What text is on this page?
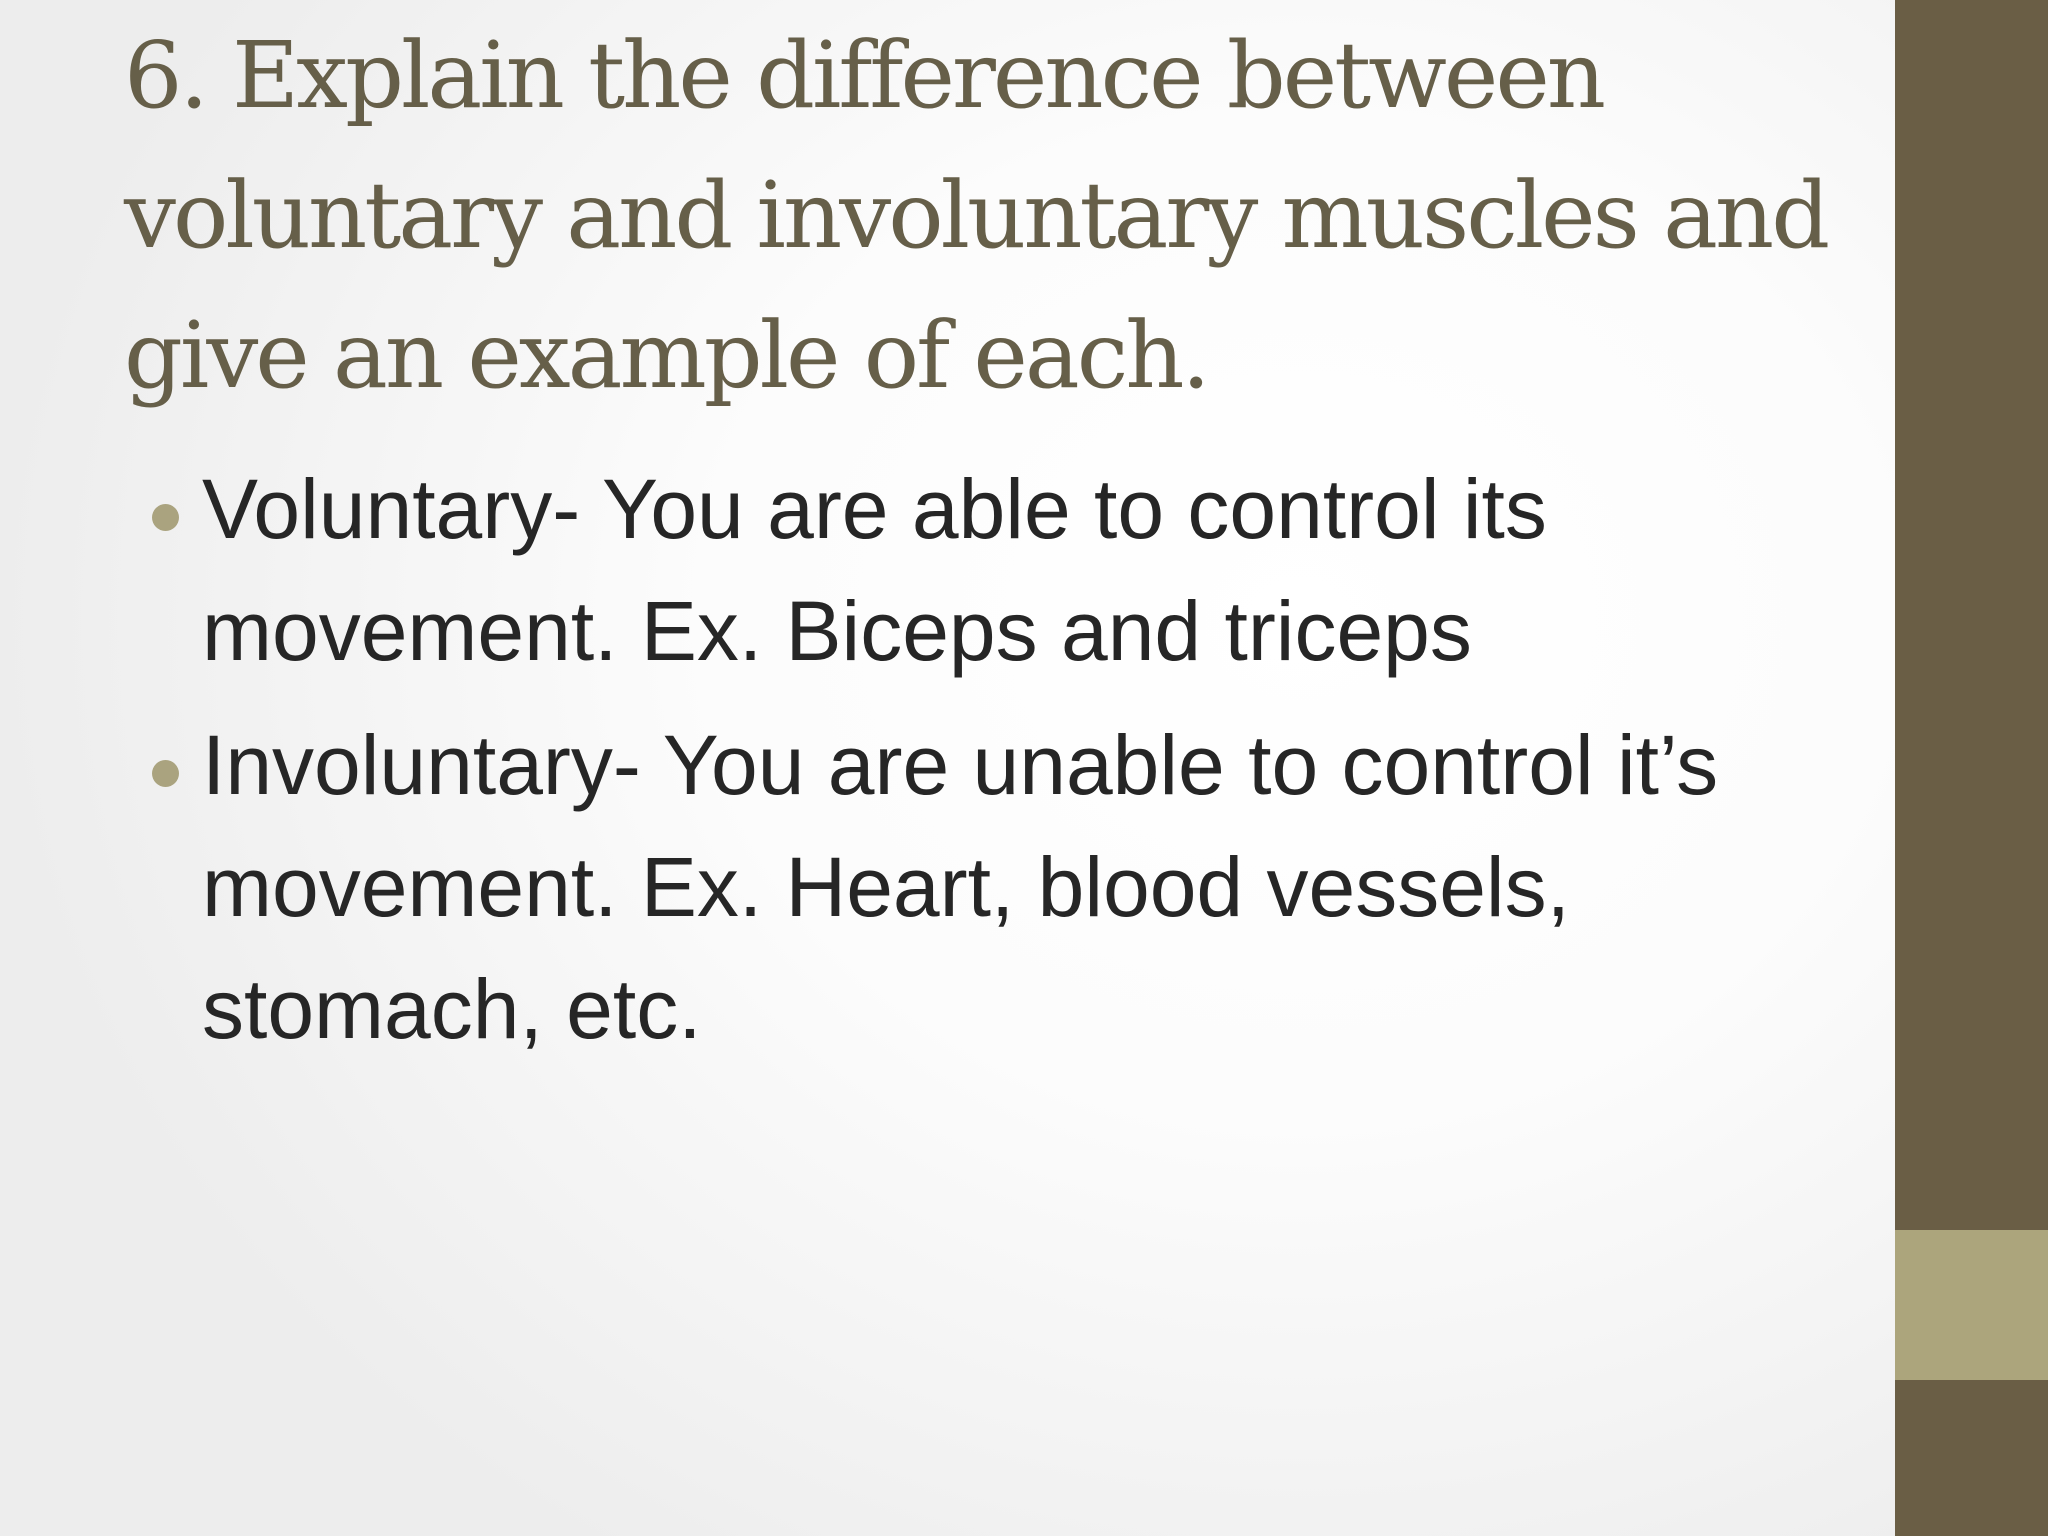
6. Explain the difference between voluntary and involuntary muscles and give an example of each.
Voluntary- You are able to control its movement. Ex. Biceps and triceps
Involuntary- You are unable to control it’s movement. Ex. Heart, blood vessels, stomach, etc.
